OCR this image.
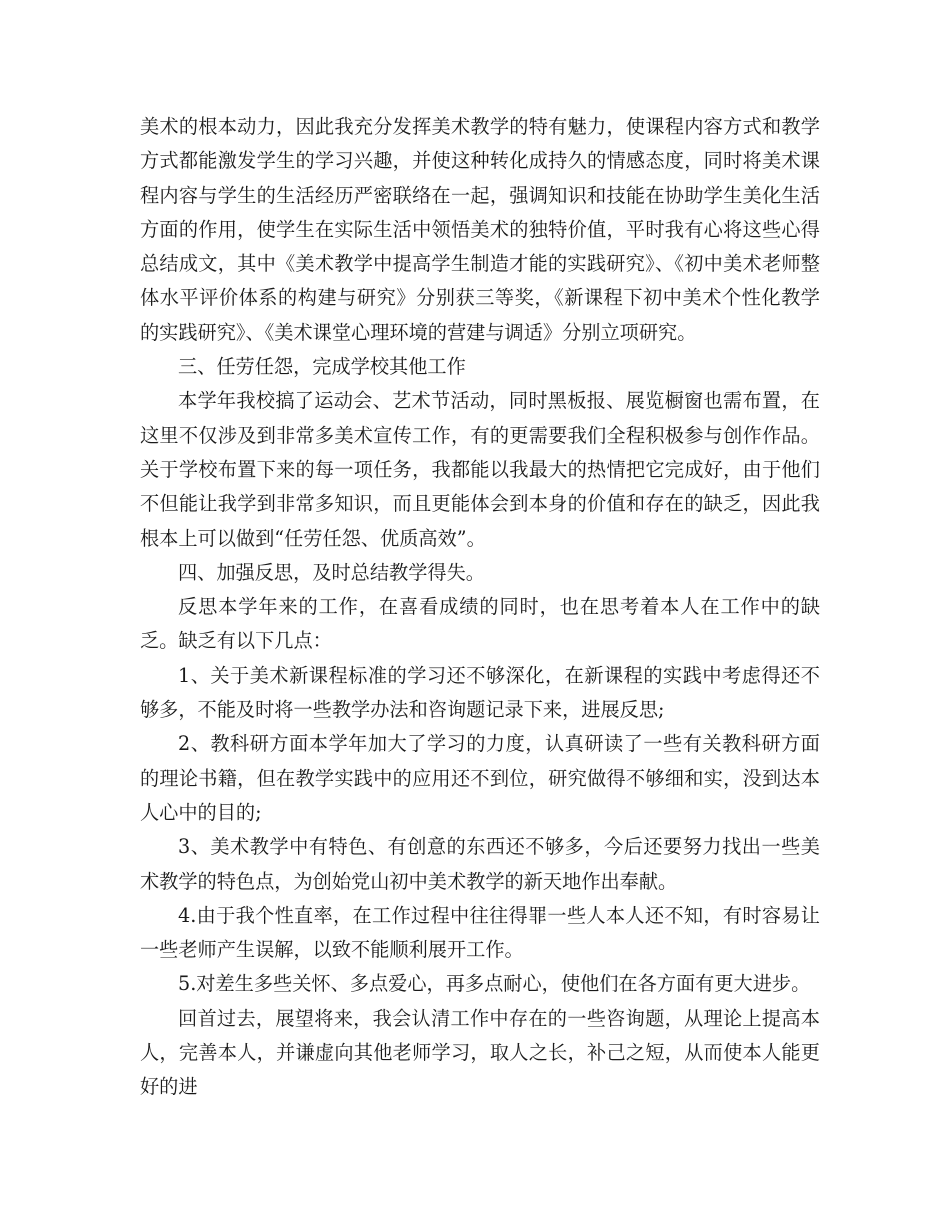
美术的根本动力，因此我充分发挥美术教学的特有魅力，使课程内容方式和教学方式都能激发学生的学习兴趣，并使这种转化成持久的情感态度，同时将美术课程内容与学生的生活经历严密联络在一起，强调知识和技能在协助学生美化生活方面的作用，使学生在实际生活中领悟美术的独特价值，平时我有心将这些心得总结成文，其中《美术教学中提高学生制造才能的实践研究》、《初中美术老师整体水平评价体系的构建与研究》分别获三等奖，《新课程下初中美术个性化教学的实践研究》、《美术课堂心理环境的营建与调适》分别立项研究。

三、任劳任怨，完成学校其他工作

本学年我校搞了运动会、艺术节活动，同时黑板报、展览橱窗也需布置，在这里不仅涉及到非常多美术宣传工作，有的更需要我们全程积极参与创作作品。关于学校布置下来的每一项任务，我都能以我最大的热情把它完成好，由于他们不但能让我学到非常多知识，而且更能体会到本身的价值和存在的缺乏，因此我根本上可以做到“任劳任怨、优质高效”。

四、加强反思，及时总结教学得失。

反思本学年来的工作，在喜看成绩的同时，也在思考着本人在工作中的缺乏。缺乏有以下几点：

1、关于美术新课程标准的学习还不够深化，在新课程的实践中考虑得还不够多，不能及时将一些教学办法和咨询题记录下来，进展反思;

2、教科研方面本学年加大了学习的力度，认真研读了一些有关教科研方面的理论书籍，但在教学实践中的应用还不到位，研究做得不够细和实，没到达本人心中的目的;

3、美术教学中有特色、有创意的东西还不够多，今后还要努力找出一些美术教学的特色点，为创始党山初中美术教学的新天地作出奉献。

4.由于我个性直率，在工作过程中往往得罪一些人本人还不知，有时容易让一些老师产生误解，以致不能顺利展开工作。

5.对差生多些关怀、多点爱心，再多点耐心，使他们在各方面有更大进步。

回首过去，展望将来，我会认清工作中存在的一些咨询题，从理论上提高本人，完善本人，并谦虚向其他老师学习，取人之长，补己之短，从而使本人能更好的进
